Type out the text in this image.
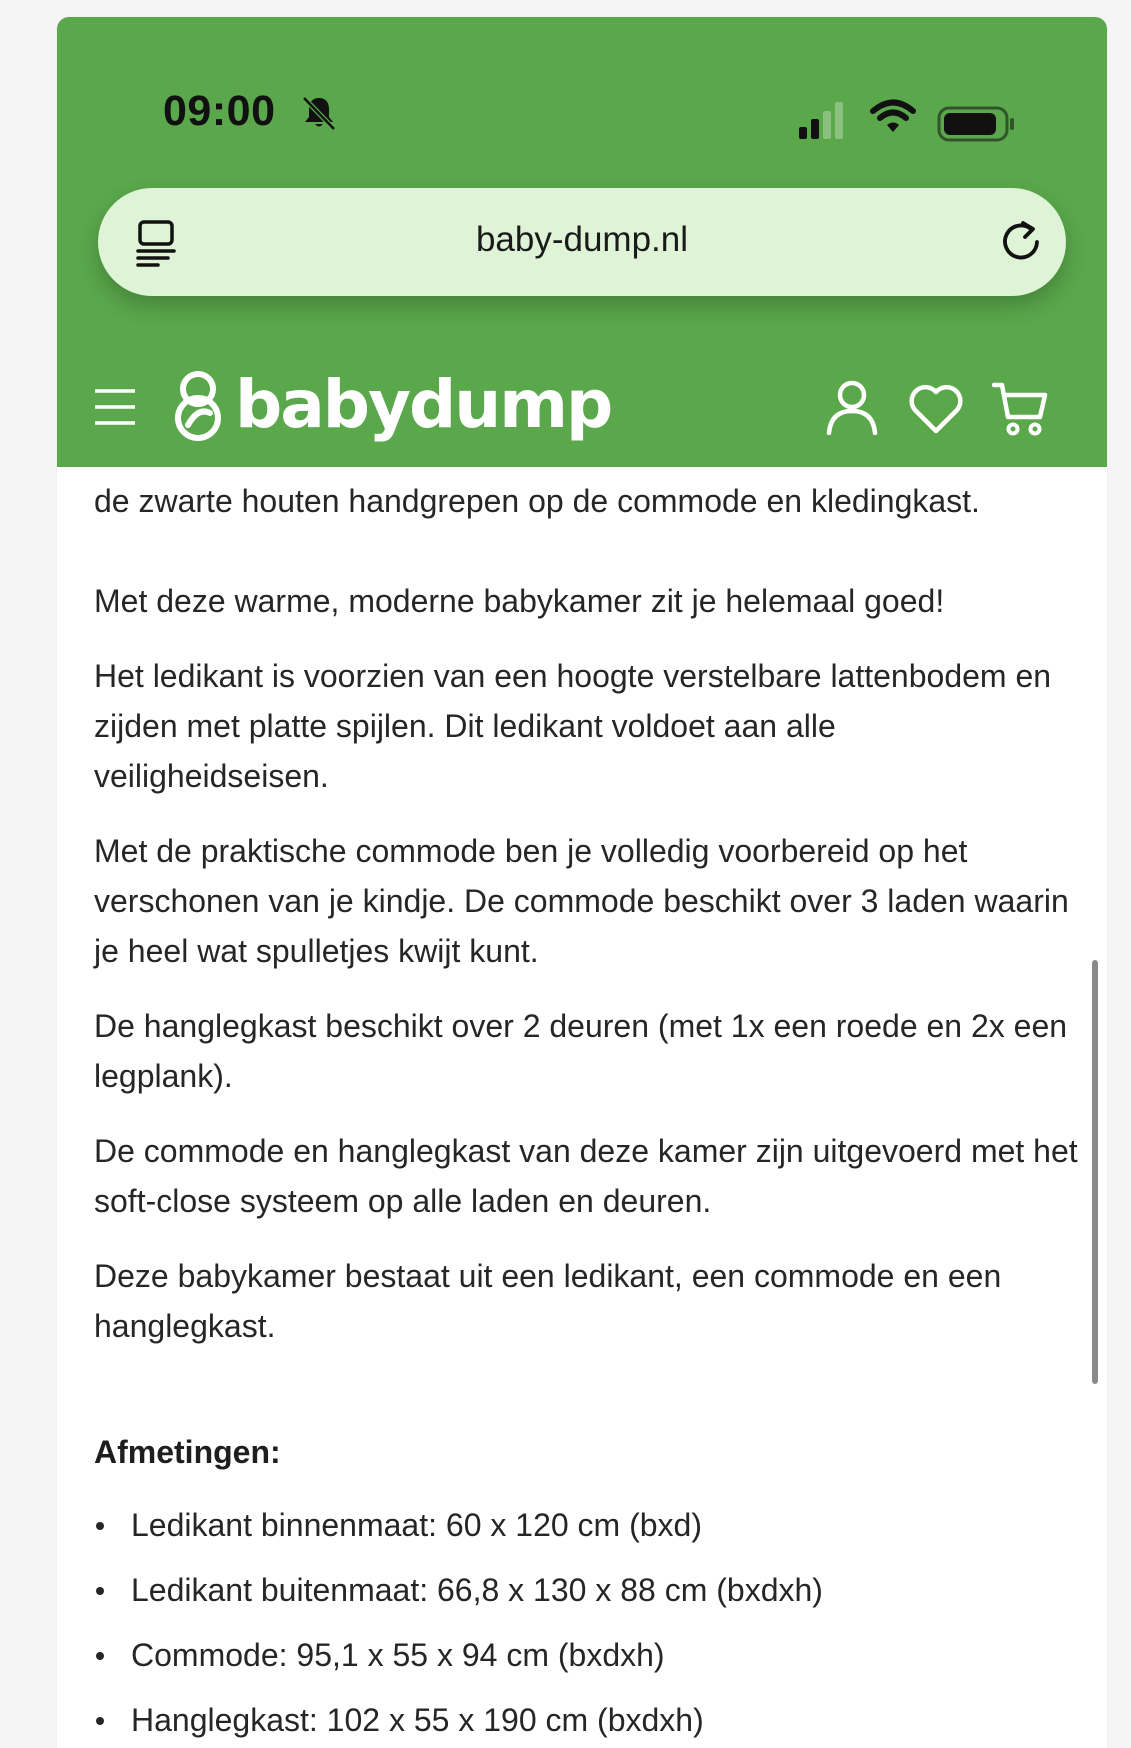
de zwarte houten handgrepen op de commode en kledingkast.

Met deze warme, moderne babykamer zit je helemaal goed!

Het ledikant is voorzien van een hoogte verstelbare lattenbodem en zijden met platte spijlen. Dit ledikant voldoet aan alle veiligheidseisen.

Met de praktische commode ben je volledig voorbereid op het verschonen van je kindje. De commode beschikt over 3 laden waarin je heel wat spulletjes kwijt kunt.

De hanglegkast beschikt over 2 deuren (met 1x een roede en 2x een legplank).

De commode en hanglegkast van deze kamer zijn uitgevoerd met het soft-close systeem op alle laden en deuren.

Deze babykamer bestaat uit een ledikant, een commode en een hanglegkast.

Afmetingen:
Ledikant binnenmaat: 60 x 120 cm (bxd)
Ledikant buitenmaat: 66,8 x 130 x 88 cm (bxdxh)
Commode: 95,1 x 55 x 94 cm (bxdxh)
Hanglegkast: 102 x 55 x 190 cm (bxdxh)
09:00
baby-dump.nl
babydump
